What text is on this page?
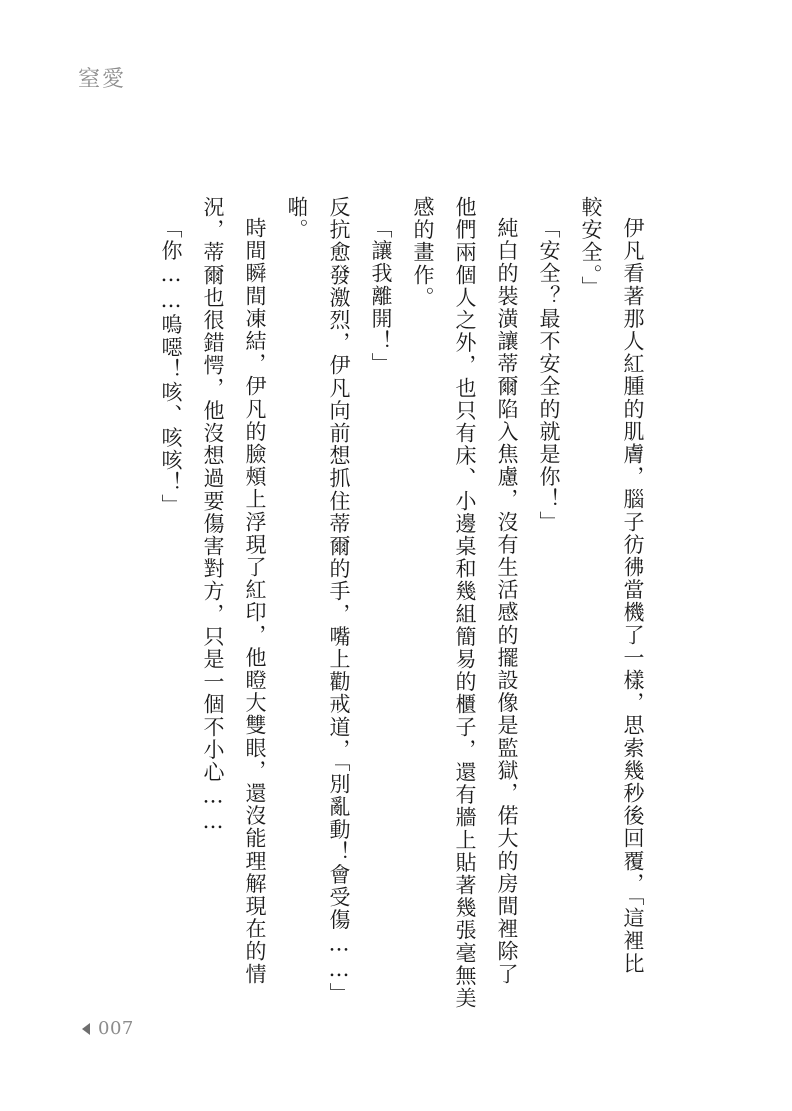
窒愛
伊凡看著那人紅腫的肌膚，腦子彷彿當機了一樣，思索幾秒後回覆，「這裡比
較安全。」
「安全？最不安全的就是你！」
純白的裝潢讓蒂爾陷入焦慮，沒有生活感的擺設像是監獄，偌大的房間裡除了
他們兩個人之外，也只有床、小邊桌和幾組簡易的櫃子，還有牆上貼著幾張毫無美
感的畫作。
「讓我離開！」
反抗愈發激烈，伊凡向前想抓住蒂爾的手，嘴上勸戒道，「別亂動！會受傷……」
啪。
時間瞬間凍結，伊凡的臉頰上浮現了紅印，他瞪大雙眼，還沒能理解現在的情
況，蒂爾也很錯愕，他沒想過要傷害對方，只是一個不小心……
「你……嗚噁！咳、咳咳！」
007
